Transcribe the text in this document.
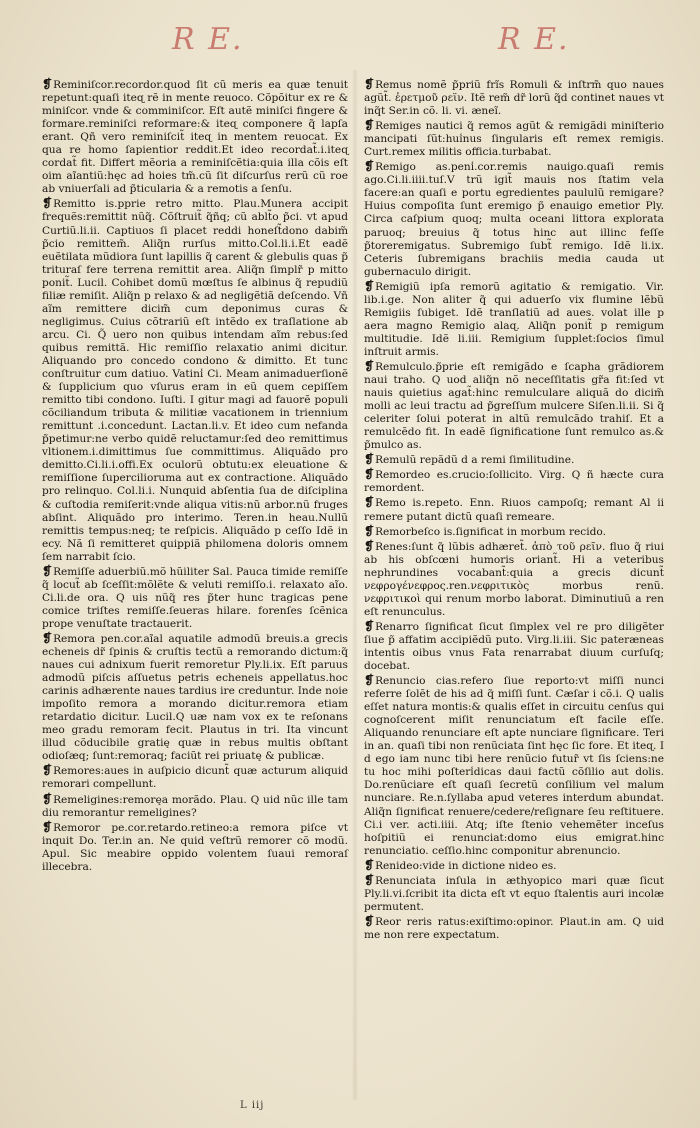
R E.	R E.

❡Reminiſcor.recordor.quod ſit cũ meris ea quæ tenuit repetunt:quaſi iteɋ rẽ in mente reuoco. Cõpõitur ex re & miniſcor. vnde & comminiſcor. Eſt autẽ miniſci fingere & formare.reminiſci reformare:& iteɋ componere q̃ lapſa erant. Qñ vero reminiſcit̃ iteɋ in mentem reuocat. Ex qua re homo ſapientior reddit.Et ideo recordat̃.i.iteɋ cordat̃ fit. Differt mẽoria a reminiſcẽtia:quia illa cõis eſt oim aĩantiũ:hęc ad hoies tm̃.cũ ſit diſcurſus rerũ cũ roe ab vniuerſali ad p̃ticularia & a remotis a ſenſu.

❡Remitto is.pprie retro mitto. Plau.Munera accipit frequẽs:remittit nũq̃. Cõſtruit̃ q̃ñq; cũ ablt̃o p̃ci. vt apud Curtiũ.li.ii. Captiuos ſi placet reddi honeſt̃dono dabim̃ p̃cio remittem̃. Aliq̃n rurſus mitto.Col.li.i.Et eadẽ euẽtilata mũdiora ſunt lapillis q̃ carent & glebulis quas p̃ trituraſ fere terrena remittit area. Aliq̃n ſimplr̃ p mitto ponit̃. Lucil. Cohibet domũ mœſtus ſe albinus q̃ repudiũ filiæ remiſit. Aliq̃n p relaxo & ad negligẽtiã deſcendo. Vñ aĩm remittere dicim̃ cum deponimus curas & negligimus. Cuius cõtrariũ eſt intẽdo ex traſlatione ab arcu. Ci. Q̃ uero non quibus intendam aĩm rebus:ſed quibus remittã. Hic remiſſio relaxatio animi dicitur. Aliquando pro concedo condono & dimitto. Et tunc conſtruitur cum datiuo. Vatini̾ Ci. Meam animaduerſionẽ & ſupplicium quo vſurus eram in eũ quem cepiſſem remitto tibi condono. Iuſti. I gitur magi ad fauorẽ populi cõciliandum tributa & militiæ vacationem in triennium remittunt .i.concedunt. Lactan.li.v. Et ideo cum nefanda p̃petimur:ne verbo quidẽ reluctamur:ſed deo remittimus vltionem.i.dimittimus ſue committimus. Aliquãdo pro demitto.Ci.li.i.offi.Ex oculorũ obtutu:ex eleuatione & remiſſione ſupercilioruma aut ex contractione. Aliquãdo pro relinquo. Col.li.i. Nunquid abſentia ſua de diſciplina & cuſtodia remiſerit:vnde aliqua vitis:nũ arbor.nũ fruges abſint. Aliquãdo pro interimo. Teren.in heau.Nullũ remittis tempus:neq; te reſpicis. Aliquãdo p ceſſo Idẽ in ecy. Nã ſi remitteret quippiã philomena doloris omnem ſem narrabit ſcio.

❡Remiſſe aduerbiũ.mõ hũiliter Sal. Pauca timide remiſſe q̃ locut̃ ab ſceſſit:mõlẽte & veluti remiſſo.i. relaxato aĩo. Ci.li.de ora. Q uis nũq̃ res p̃ter hunc tragicas pene comice triſtes remiſſe.ſeueras hilare. forenſes ſcẽnica prope venuſtate tractauerit.

❡Remora pen.cor.aĩal aquatile admodũ breuis.a grecis echeneis dr̃ ſpinis & cruſtis tectũ a remorando dictum:q̃ naues cui adnixum fuerit remoretur Ply.li.ix. Eſt paruus admodũ piſcis aſſuetus petris echeneis appellatus.hoc carinis adhærente naues tardius ire creduntur. Inde noie impoſito remora a morando dicitur.remora etiam retardatio dicitur. Lucil.Q uæ nam vox ex te reſonans meo gradu remoram fecit. Plautus in tri. Ita vincunt illud cõducibile gratię quæ in rebus multis obſtant odioſæq; ſunt:remoraq; faciũt rei priuatę & publicæ.

❡Remores:aues in auſpicio dicunt̃ quæ acturum aliquid remorari compellunt.

❡Remeligines:remoręa morãdo. Plau. Q uid nũc ille tam diu remorantur remeligines?

❡Remoror pe.cor.retardo.retineo:a remora piſce vt inquit Do. Ter.in an. Ne quid veſtrũ remorer cõ modũ. Apul. Sic meabire oppido volentem ſuaui remoraſ illecebra.

❡Remus nomẽ p̃priũ frĩs Romuli & inſtrm̃ quo naues agũt̃. ἐρετμοῦ ρεϊν. Itẽ rem̃ dr̃ lorũ q̃d continet naues vt inq̃t Ser.in cõ. li. vi. æneĩ.

❡Remiges nautici q̃ remos agũt & remigãdi miniſterio mancipati ſũt:hui̾nus ſingularis eſt remex remigis. Curt.remex militis officia.turbabat.

❡Remigo as.peni̾.cor.remis nauigo.quaſi remis ago.Ci.li.iiii.tuſ.V trũ igit̃ mauis nos ſtatim vela facere:an quaſi e portu egredientes paululũ remigare? Huius compoſita ſunt eremigo p̃ enauigo emetior Ply. Circa caſpium quoq; multa oceani littora explorata paruoq; breuius q̃ totus hinc aut illinc feſſe p̃toreremigatus. Subremigo ſubt̃ remigo. Idẽ li.ix. Ceteris ſubremigans brachiis media cauda ut gubernaculo dirigit.

❡Remigiũ ipſa remorũ agitatio & remigatio. Vir. lib.i.ge. Non aliter q̃ qui aduerſo vix flumine lẽbũ Remigiis ſubiget. Idẽ tranſlatiũ ad aues. volat ille p aera magno Remigio alaɋ. Aliq̃n ponit̃ p remigum multitudie. Idẽ li.iii. Remigium ſupplet:ſocios ſimul inſtruit armis.

❡Remulculo.p̃prie eſt remigãdo e ſcapha grãdiorem naui traho. Q uod aliq̃n nõ neceſſitatis gr̃a fit:ſed vt nauis quietius agat̃:hinc remulculare aliquã do dicim̃ molli ac leui tractu ad p̃greſſum mulcere Siſen.li.ii. Si q̃ celeriter ſolui poterat in altũ remulcãdo trahiſ. Et a remulcẽdo fit. In eadẽ ſignificatione ſunt remulco as.& p̃mulco as.

❡Remulũ repãdũ d a remi ſimilitudine.

❡Remordeo es.crucio:ſollicito. Virg. Q ñ hæcte cura remordent.

❡Remo is.repeto. Enn. Riuos campoſq; remant Al ii remere putant dictũ quaſi remeare.

❡Remorbeſco is.ſignificat in morbum recido.

❡Renes:ſunt q̃ lũbis adhæret̃. ἀπὸ τοῦ ρεῖν. fluo q̃ riui ab his obſcœni humoris oriant̃. Hi a veteribus nephrundines vocabant̃:quia a grecis dicunt̃ νεφρογένεφρος.ren.νεφριτικὸς morbus renũ. νεφριτικοὶ qui renum morbo laborat. Diminutiuũ a ren eſt renunculus.

❡Renarro ſignificat ſicut ſimplex vel re pro diligẽter ſiue p̃ affatim accipiẽdũ puto. Virg.li.iii. Sic pateræneas intentis oibus vnus Fata renarrabat diuum curſuſq; docebat.

❡Renuncio cias.refero ſiue reporto:vt miſſi nunci referre ſolẽt de his ad q̃ miſſi ſunt. Cæſar i cõ.i. Q ualis eſſet natura montis:& qualis eſſet in circuitu cenſus qui cognoſcerent miſit renunciatum eſt facile eſſe. Aliquando renunciare eſt apte nunciare ſignificare. Teri in an. quaſi tibi non renũciata ſint hęc ſic fore. Et iteɋ. I d ego iam nunc tibi here renũcio futur̃ vt ſis ſciens:ne tu hoc mihi poſteri̾dicas daui factũ cõſilio aut dolis. Do.renũciare eſt quaſi ſecretũ conſilium vel malum nunciare. Re.n.ſyllaba apud veteres interdum abundat. Aliq̃n ſignificat renuere/cedere/reſignare ſeu reſtituere. Ci.i ver. acti.iiii. Atq; iſte ſtenio vehemẽter inceſus hoſpitiũ ei renunciat:domo eius emigrat.hinc renunciatio. ceſſio.hinc componitur abrenuncio.

❡Renideo:vide in dictione nideo es.

❡Renunciata inſula in æthyopico mari quæ ſicut Ply.li.vi.ſcribit ita dicta eſt vt equo ſtalentis auri incolæ permutent.

❡Reor reris ratus:exiſtimo:opinor. Plaut.in am. Q uid me non rere expectatum.

L iij
